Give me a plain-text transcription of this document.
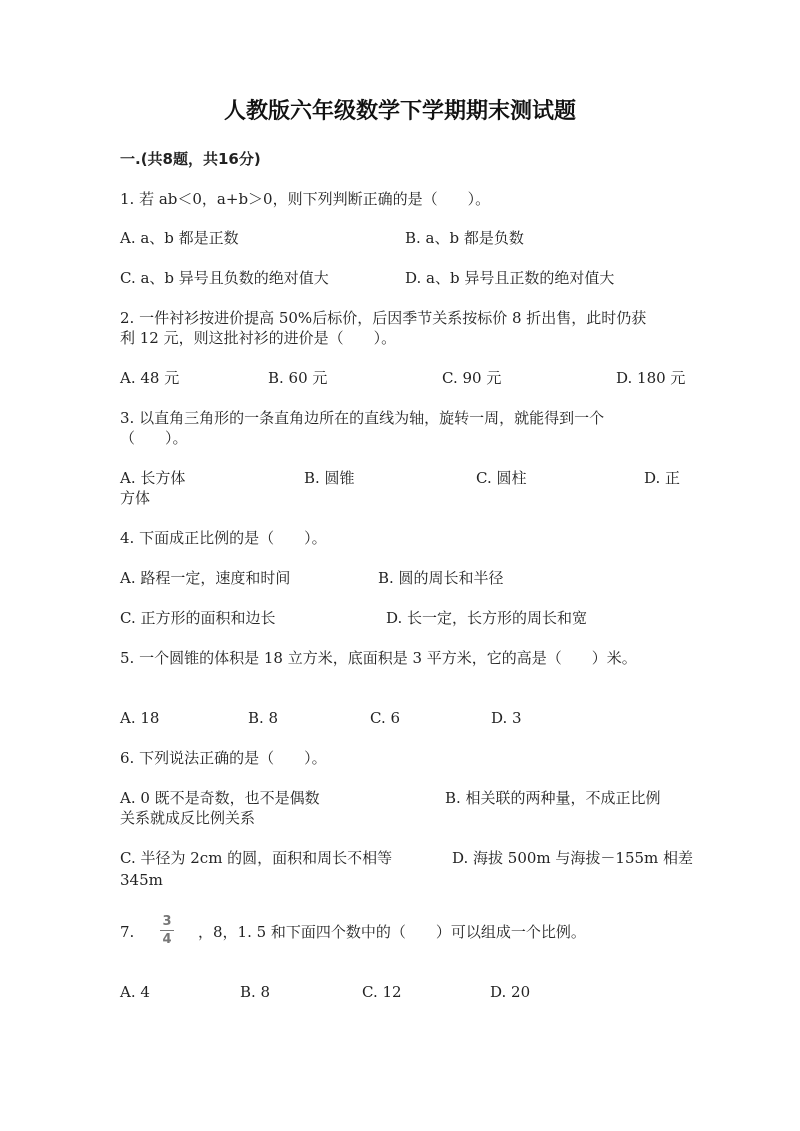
人教版六年级数学下学期期末测试题
一.(共8题，共16分)
1. 若 ab＜0，a+b＞0，则下列判断正确的是（　　）。
A. a、b 都是正数	B. a、b 都是负数
C. a、b 异号且负数的绝对值大	D. a、b 异号且正数的绝对值大
2. 一件衬衫按进价提高 50%后标价，后因季节关系按标价 8 折出售，此时仍获
利 12 元，则这批衬衫的进价是（　　）。
A. 48 元	B. 60 元	C. 90 元	D. 180 元
3. 以直角三角形的一条直角边所在的直线为轴，旋转一周，就能得到一个
（　　）。
A. 长方体	B. 圆锥	C. 圆柱	D. 正
方体
4. 下面成正比例的是（　　）。
A. 路程一定，速度和时间	B. 圆的周长和半径
C. 正方形的面积和边长	D. 长一定，长方形的周长和宽
5. 一个圆锥的体积是 18 立方米，底面积是 3 平方米，它的高是（　　）米。
A. 18	B. 8	C. 6	D. 3
6. 下列说法正确的是（　　）。
A. 0 既不是奇数，也不是偶数	B. 相关联的两种量，不成正比例
关系就成反比例关系
C. 半径为 2cm 的圆，面积和周长不相等	D. 海拔 500m 与海拔－155m 相差
345m
7.
3
4 ，8，1. 5 和下面四个数中的（　　）可以组成一个比例。
A. 4	B. 8	C. 12	D. 20
